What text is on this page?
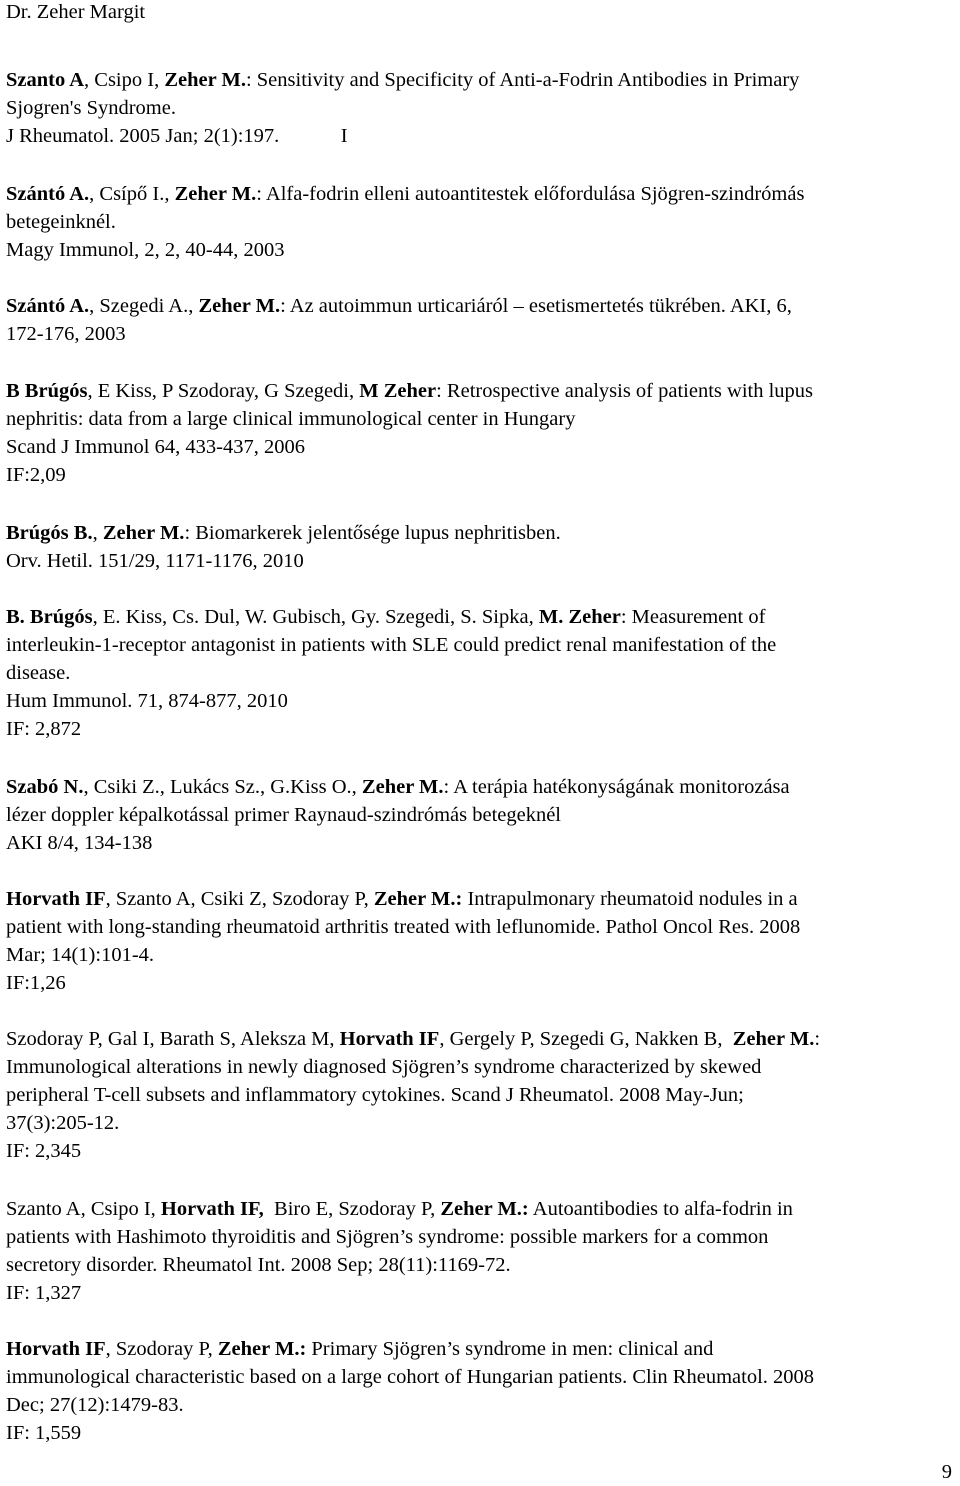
Dr. Zeher Margit
Szanto A, Csipo I, Zeher M.: Sensitivity and Specificity of Anti-a-Fodrin Antibodies in Primary
Sjogren's Syndrome.
J Rheumatol. 2005 Jan; 2(1):197.            I
Szántó A., Csípő I., Zeher M.: Alfa-fodrin elleni autoantitestek előfordulása Sjögren-szindrómás
betegeinknél.
Magy Immunol, 2, 2, 40-44, 2003
Szántó A., Szegedi A., Zeher M.: Az autoimmun urticariáról – esetismertetés tükrében. AKI, 6,
172-176, 2003
B Brúgós, E Kiss, P Szodoray, G Szegedi, M Zeher: Retrospective analysis of patients with lupus
nephritis: data from a large clinical immunological center in Hungary
Scand J Immunol 64, 433-437, 2006
IF:2,09
Brúgós B., Zeher M.: Biomarkerek jelentősége lupus nephritisben.
Orv. Hetil. 151/29, 1171-1176, 2010
B. Brúgós, E. Kiss, Cs. Dul, W. Gubisch, Gy. Szegedi, S. Sipka, M. Zeher: Measurement of
interleukin-1-receptor antagonist in patients with SLE could predict renal manifestation of the
disease.
Hum Immunol. 71, 874-877, 2010
IF: 2,872
Szabó N., Csiki Z., Lukács Sz., G.Kiss O., Zeher M.: A terápia hatékonyságának monitorozása
lézer doppler képalkotással primer Raynaud-szindrómás betegeknél
AKI 8/4, 134-138
Horvath IF, Szanto A, Csiki Z, Szodoray P, Zeher M.: Intrapulmonary rheumatoid nodules in a
patient with long-standing rheumatoid arthritis treated with leflunomide. Pathol Oncol Res. 2008
Mar; 14(1):101-4.
IF:1,26
Szodoray P, Gal I, Barath S, Aleksza M, Horvath IF, Gergely P, Szegedi G, Nakken B,  Zeher M.:
Immunological alterations in newly diagnosed Sjögren’s syndrome characterized by skewed
peripheral T-cell subsets and inflammatory cytokines. Scand J Rheumatol. 2008 May-Jun;
37(3):205-12.
IF: 2,345
Szanto A, Csipo I, Horvath IF,  Biro E, Szodoray P, Zeher M.: Autoantibodies to alfa-fodrin in
patients with Hashimoto thyroiditis and Sjögren’s syndrome: possible markers for a common
secretory disorder. Rheumatol Int. 2008 Sep; 28(11):1169-72.
IF: 1,327
Horvath IF, Szodoray P, Zeher M.: Primary Sjögren’s syndrome in men: clinical and
immunological characteristic based on a large cohort of Hungarian patients. Clin Rheumatol. 2008
Dec; 27(12):1479-83.
IF: 1,559
9
